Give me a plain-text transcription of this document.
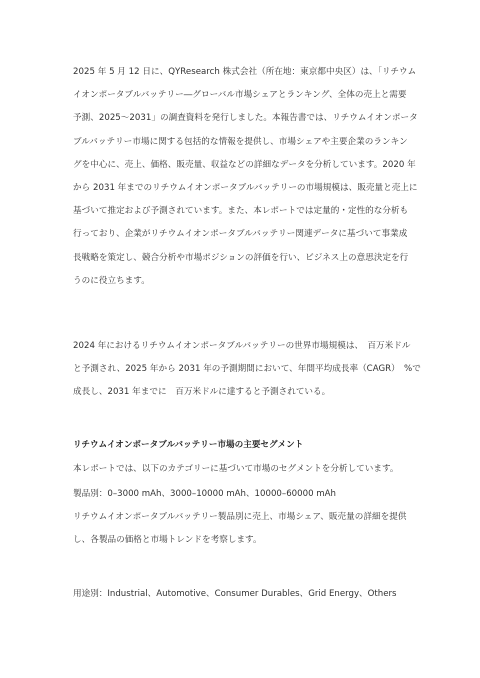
2025 年 5 月 12 日に、QYResearch 株式会社（所在地：東京都中央区）は、「リチウム
イオンポータブルバッテリー―グローバル市場シェアとランキング、全体の売上と需要
予測、2025～2031」の調査資料を発行しました。本報告書では、リチウムイオンポータ
ブルバッテリー市場に関する包括的な情報を提供し、市場シェアや主要企業のランキン
グを中心に、売上、価格、販売量、収益などの詳細なデータを分析しています。2020 年
から 2031 年までのリチウムイオンポータブルバッテリーの市場規模は、販売量と売上に
基づいて推定および予測されています。また、本レポートでは定量的・定性的な分析も
行っており、企業がリチウムイオンポータブルバッテリー関連データに基づいて事業成
長戦略を策定し、競合分析や市場ポジションの評価を行い、ビジネス上の意思決定を行
うのに役立ちます。
2024 年におけるリチウムイオンポータブルバッテリーの世界市場規模は、　百万米ドル
と予測され、2025 年から 2031 年の予測期間において、年間平均成長率（CAGR）　%で
成長し、2031 年までに　百万米ドルに達すると予測されている。
リチウムイオンポータブルバッテリー市場の主要セグメント
本レポートでは、以下のカテゴリーに基づいて市場のセグメントを分析しています。
製品別：0–3000 mAh、3000–10000 mAh、10000–60000 mAh
リチウムイオンポータブルバッテリー製品別に売上、市場シェア、販売量の詳細を提供
し、各製品の価格と市場トレンドを考察します。
用途別：Industrial、Automotive、Consumer Durables、Grid Energy、Others
